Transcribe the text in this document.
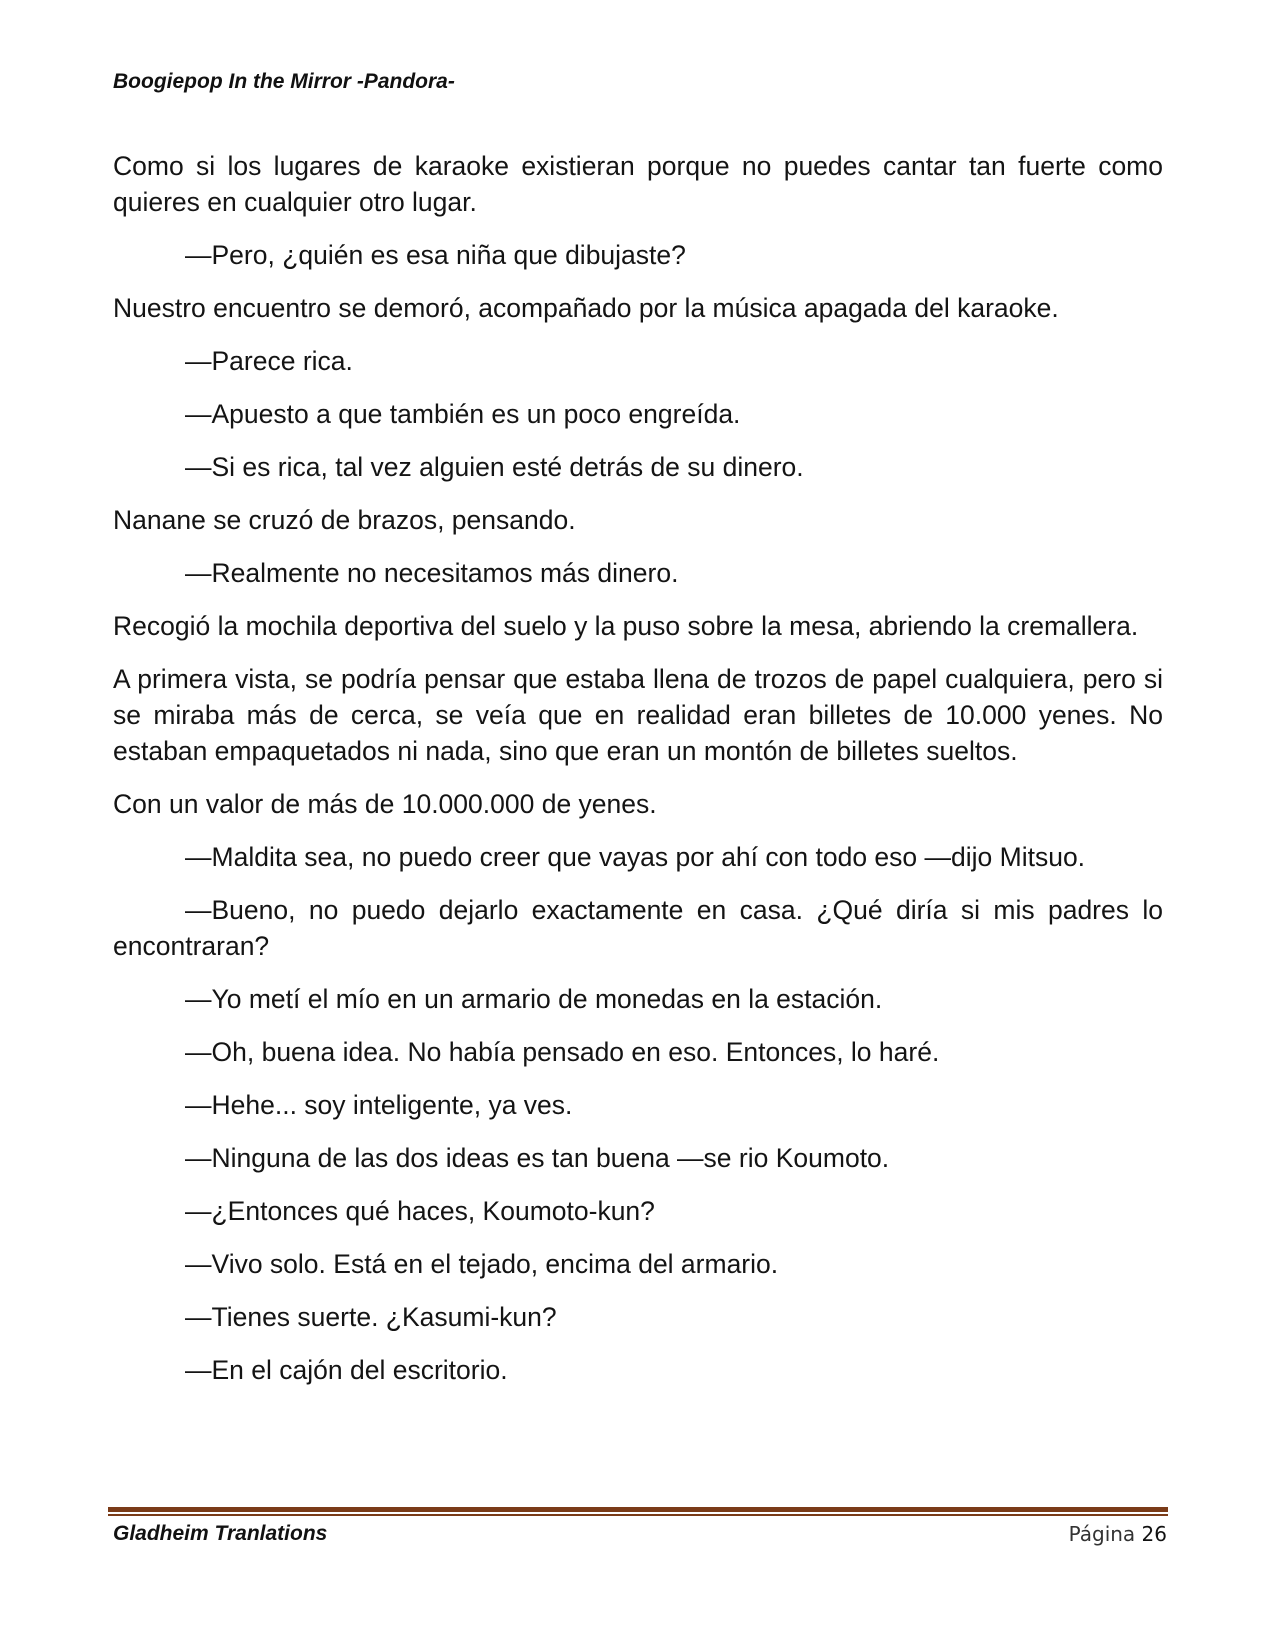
Boogiepop In the Mirror -Pandora-

Como si los lugares de karaoke existieran porque no puedes cantar tan fuerte como quieres en cualquier otro lugar.

—Pero, ¿quién es esa niña que dibujaste?

Nuestro encuentro se demoró, acompañado por la música apagada del karaoke.

—Parece rica.

—Apuesto a que también es un poco engreída.

—Si es rica, tal vez alguien esté detrás de su dinero.

Nanane se cruzó de brazos, pensando.

—Realmente no necesitamos más dinero.

Recogió la mochila deportiva del suelo y la puso sobre la mesa, abriendo la cremallera.

A primera vista, se podría pensar que estaba llena de trozos de papel cualquiera, pero si se miraba más de cerca, se veía que en realidad eran billetes de 10.000 yenes. No estaban empaquetados ni nada, sino que eran un montón de billetes sueltos.

Con un valor de más de 10.000.000 de yenes.

—Maldita sea, no puedo creer que vayas por ahí con todo eso —dijo Mitsuo.

—Bueno, no puedo dejarlo exactamente en casa. ¿Qué diría si mis padres lo encontraran?

—Yo metí el mío en un armario de monedas en la estación.

—Oh, buena idea. No había pensado en eso. Entonces, lo haré.

—Hehe... soy inteligente, ya ves.

—Ninguna de las dos ideas es tan buena —se rio Koumoto.

—¿Entonces qué haces, Koumoto-kun?

—Vivo solo. Está en el tejado, encima del armario.

—Tienes suerte. ¿Kasumi-kun?

—En el cajón del escritorio.

Gladheim Tranlations	Página 26
